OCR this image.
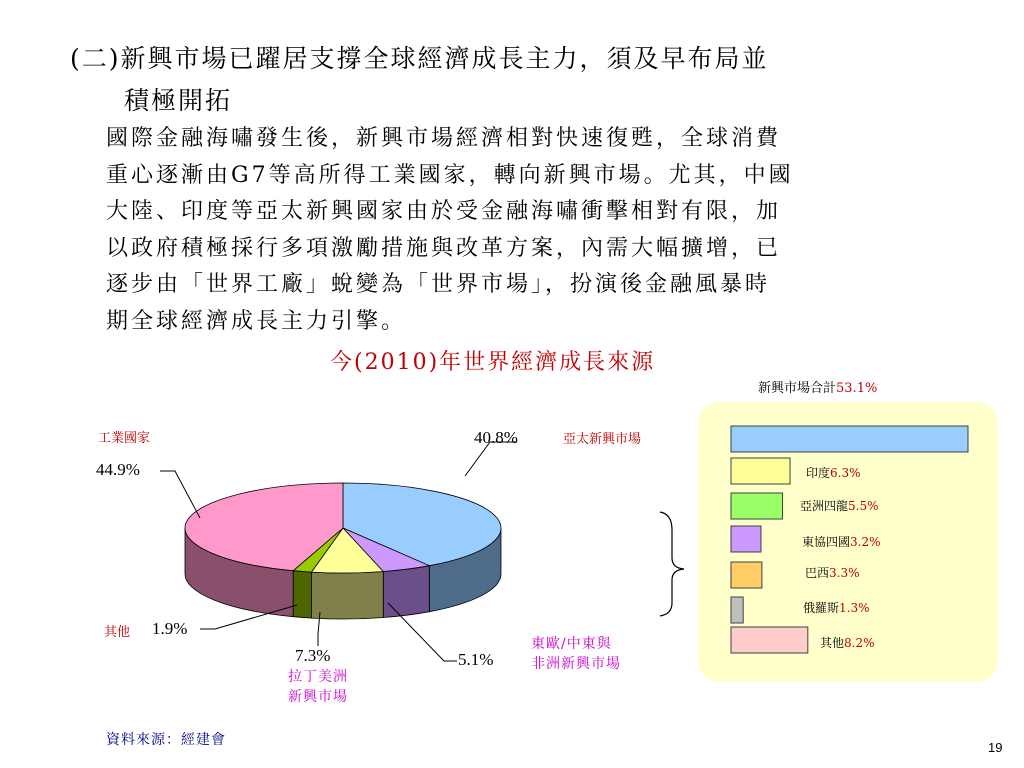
(二)新興市場已躍居支撐全球經濟成長主力，須及早布局並
積極開拓
國際金融海嘯發生後，新興市場經濟相對快速復甦，全球消費
重心逐漸由G7等高所得工業國家，轉向新興市場。尤其，中國
大陸、印度等亞太新興國家由於受金融海嘯衝擊相對有限，加
以政府積極採行多項激勵措施與改革方案，內需大幅擴增，已
逐步由「世界工廠」蛻變為「世界市場」，扮演後金融風暴時
期全球經濟成長主力引擎。
今(2010)年世界經濟成長來源
新興市場合計53.1%
工業國家
44.9%
40.8%	亞太新興市場
其他 1.9%
7.3%
拉丁美洲
新興市場
5.1%
東歐/中東與
非洲新興市場
印度6.3%
亞洲四龍5.5%
東協四國3.2%
巴西3.3%
俄羅斯1.3%
其他8.2%
資料來源：經建會	19
